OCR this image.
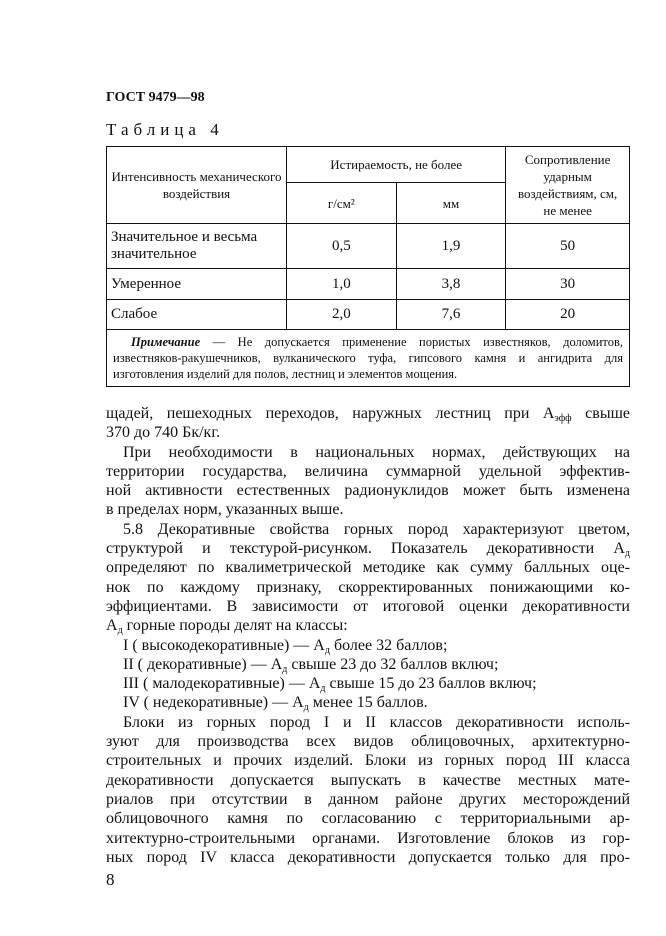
ГОСТ 9479—98
Таблица 4
Интенсивность механического воздействия	Истираемость, не более		Сопротивление ударным воздействиям, см, не менее
	г/см²	мм	
Значительное и весьма значительное	0,5	1,9	50
Умеренное	1,0	3,8	30
Слабое	2,0	7,6	20
Примечание — Не допускается применение пористых известняков, доломитов, известняков-ракушечников, вулканического туфа, гипсового камня и ангидрита для изготовления изделий для полов, лестниц и элементов мощения.			
щадей, пешеходных переходов, наружных лестниц при $А_{эфф}$ свыше
370 до 740 Бк/кг.
При необходимости в национальных нормах, действующих на
территории государства, величина суммарной удельной эффектив-
ной активности естественных радионуклидов может быть изменена
в пределах норм, указанных выше.
5.8 Декоративные свойства горных пород характеризуют цветом,
структурой и текстурой-рисунком. Показатель декоративности $А_д$
определяют по квалиметрической методике как сумму балльных оце-
нок по каждому признаку, скорректированных понижающими ко-
эффициентами. В зависимости от итоговой оценки декоративности
$А_д$ горные породы делят на классы:
I ( высокодекоративные) — $А_д$ более 32 баллов;
II ( декоративные) — $А_д$ свыше 23 до 32 баллов включ;
III ( малодекоративные) — $А_д$ свыше 15 до 23 баллов включ;
IV ( недекоративные) — $А_д$ менее 15 баллов.
Блоки из горных пород I и II классов декоративности исполь-
зуют для производства всех видов облицовочных, архитектурно-
строительных и прочих изделий. Блоки из горных пород III класса
декоративности допускается выпускать в качестве местных мате-
риалов при отсутствии в данном районе других месторождений
облицовочного камня по согласованию с территориальными ар-
хитектурно-строительными органами. Изготовление блоков из гор-
ных пород IV класса декоративности допускается только для про-
8
